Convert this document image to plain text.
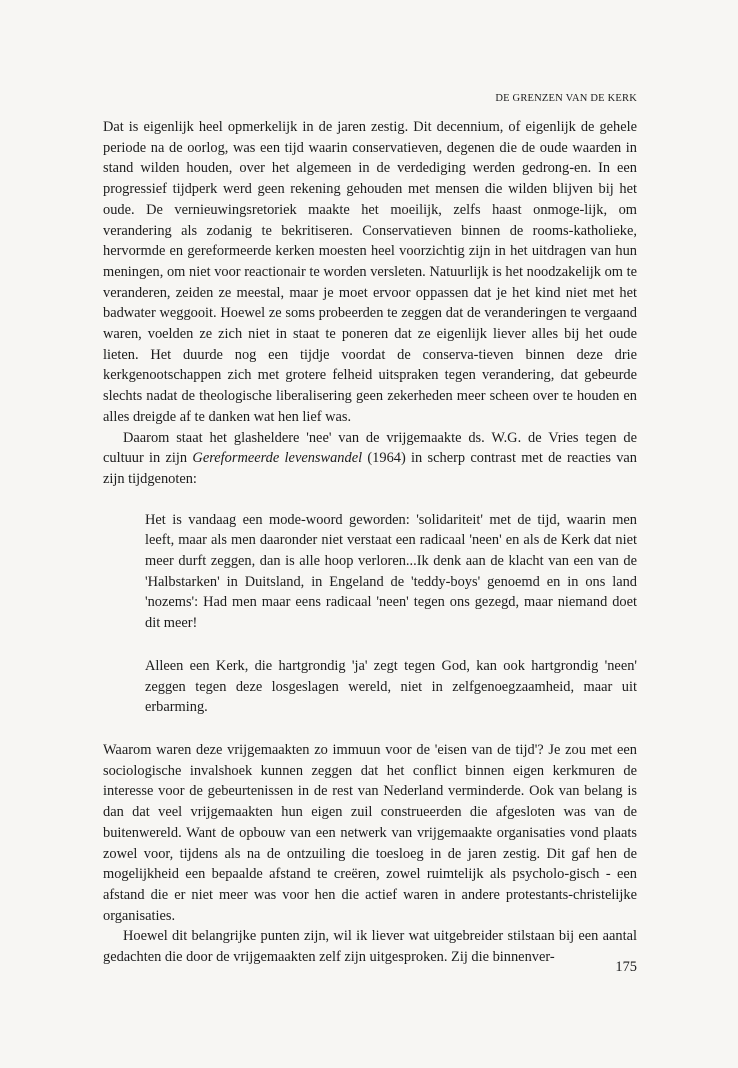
DE GRENZEN VAN DE KERK

Dat is eigenlijk heel opmerkelijk in de jaren zestig. Dit decennium, of eigenlijk de gehele periode na de oorlog, was een tijd waarin conservatieven, degenen die de oude waarden in stand wilden houden, over het algemeen in de verdediging werden gedrong-en. In een progressief tijdperk werd geen rekening gehouden met mensen die wilden blijven bij het oude. De vernieuwingsretoriek maakte het moeilijk, zelfs haast onmoge-lijk, om verandering als zodanig te bekritiseren. Conservatieven binnen de rooms-katholieke, hervormde en gereformeerde kerken moesten heel voorzichtig zijn in het uitdragen van hun meningen, om niet voor reactionair te worden versleten. Natuurlijk is het noodzakelijk om te veranderen, zeiden ze meestal, maar je moet ervoor oppassen dat je het kind niet met het badwater weggooit. Hoewel ze soms probeerden te zeggen dat de veranderingen te vergaand waren, voelden ze zich niet in staat te poneren dat ze eigenlijk liever alles bij het oude lieten. Het duurde nog een tijdje voordat de conserva-tieven binnen deze drie kerkgenootschappen zich met grotere felheid uitspraken tegen verandering, dat gebeurde slechts nadat de theologische liberalisering geen zekerheden meer scheen over te houden en alles dreigde af te danken wat hen lief was.

Daarom staat het glasheldere 'nee' van de vrijgemaakte ds. W.G. de Vries tegen de cultuur in zijn Gereformeerde levenswandel (1964) in scherp contrast met de reacties van zijn tijdgenoten:

Het is vandaag een mode-woord geworden: 'solidariteit' met de tijd, waarin men leeft, maar als men daaronder niet verstaat een radicaal 'neen' en als de Kerk dat niet meer durft zeggen, dan is alle hoop verloren...Ik denk aan de klacht van een van de 'Halbstarken' in Duitsland, in Engeland de 'teddy-boys' genoemd en in ons land 'nozems': Had men maar eens radicaal 'neen' tegen ons gezegd, maar niemand doet dit meer!

Alleen een Kerk, die hartgrondig 'ja' zegt tegen God, kan ook hartgrondig 'neen' zeggen tegen deze losgeslagen wereld, niet in zelfgenoegzaamheid, maar uit erbarming.

Waarom waren deze vrijgemaakten zo immuun voor de 'eisen van de tijd'? Je zou met een sociologische invalshoek kunnen zeggen dat het conflict binnen eigen kerkmuren de interesse voor de gebeurtenissen in de rest van Nederland verminderde. Ook van belang is dan dat veel vrijgemaakten hun eigen zuil construeerden die afgesloten was van de buitenwereld. Want de opbouw van een netwerk van vrijgemaakte organisaties vond plaats zowel voor, tijdens als na de ontzuiling die toesloeg in de jaren zestig. Dit gaf hen de mogelijkheid een bepaalde afstand te creëren, zowel ruimtelijk als psycholo-gisch - een afstand die er niet meer was voor hen die actief waren in andere protestants-christelijke organisaties.

Hoewel dit belangrijke punten zijn, wil ik liever wat uitgebreider stilstaan bij een aantal gedachten die door de vrijgemaakten zelf zijn uitgesproken. Zij die binnenver-

175
